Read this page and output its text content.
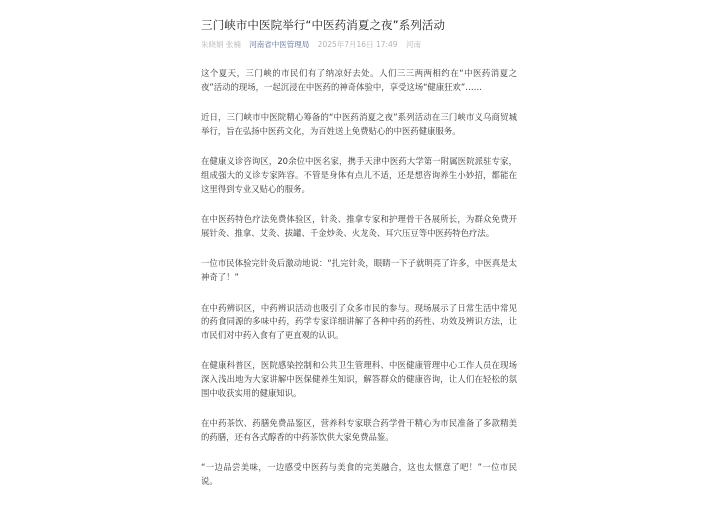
三门峡市中医院举行“中医药消夏之夜”系列活动
朱晓娟 张楠 河南省中医管理局 2025年7月16日 17:49 河南

这个夏天，三门峡的市民们有了纳凉好去处。人们三三两两相约在“中医药消夏之夜”活动的现场，一起沉浸在中医药的神奇体验中，享受这场“健康狂欢”……

近日，三门峡市中医院精心筹备的“中医药消夏之夜”系列活动在三门峡市义乌商贸城举行，旨在弘扬中医药文化，为百姓送上免费贴心的中医药健康服务。

在健康义诊咨询区，20余位中医名家，携手天津中医药大学第一附属医院派驻专家，组成强大的义诊专家阵容。不管是身体有点儿不适，还是想咨询养生小妙招，都能在这里得到专业又贴心的服务。

在中医药特色疗法免费体验区，针灸、推拿专家和护理骨干各展所长，为群众免费开展针灸、推拿、艾灸、拔罐、千金炒灸、火龙灸、耳穴压豆等中医药特色疗法。

一位市民体验完针灸后激动地说：“扎完针灸，眼睛一下子就明亮了许多，中医真是太神奇了！”

在中药辨识区，中药辨识活动也吸引了众多市民的参与。现场展示了日常生活中常见的药食同源的多味中药，药学专家详细讲解了各种中药的药性、功效及辨识方法，让市民们对中药入食有了更直观的认识。

在健康科普区，医院感染控制和公共卫生管理科、中医健康管理中心工作人员在现场深入浅出地为大家讲解中医保健养生知识，解答群众的健康咨询，让人们在轻松的氛围中收获实用的健康知识。

在中药茶饮、药膳免费品鉴区，营养科专家联合药学骨干精心为市民准备了多款精美的药膳，还有各式醇香的中药茶饮供大家免费品鉴。

“一边品尝美味，一边感受中医药与美食的完美融合，这也太惬意了吧！”一位市民说。
